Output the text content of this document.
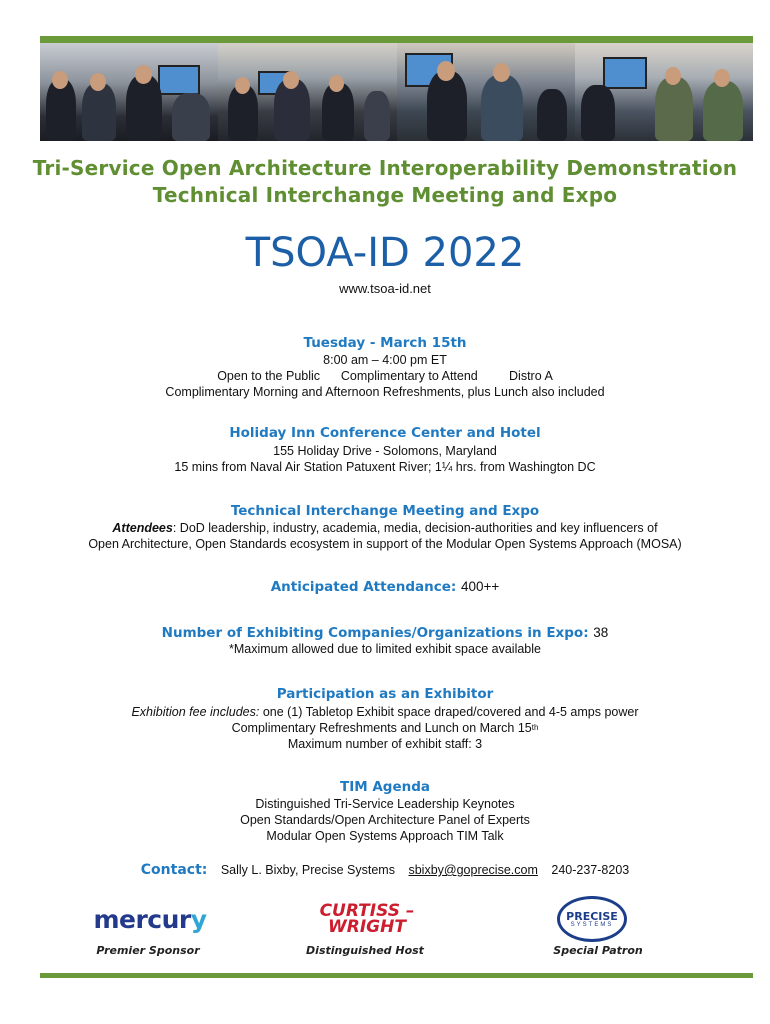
Tri-Service Open Architecture Interoperability Demonstration
Technical Interchange Meeting and Expo
TSOA-ID 2022
www.tsoa-id.net
Tuesday - March 15th
8:00 am – 4:00 pm ET
Open to the Public Complimentary to Attend	Distro A
Complimentary Morning and Afternoon Refreshments, plus Lunch also included
Holiday Inn Conference Center and Hotel
155 Holiday Drive - Solomons, Maryland
15 mins from Naval Air Station Patuxent River; 1¼ hrs. from Washington DC
Technical Interchange Meeting and Expo
Attendees: DoD leadership, industry, academia, media, decision-authorities and key influencers of
Open Architecture, Open Standards ecosystem in support of the Modular Open Systems Approach (MOSA)
Anticipated Attendance: 400++
Number of Exhibiting Companies/Organizations in Expo: 38
*Maximum allowed due to limited exhibit space available
Participation as an Exhibitor
Exhibition fee includes: one (1) Tabletop Exhibit space draped/covered and 4-5 amps power
Complimentary Refreshments and Lunch on March 15th
Maximum number of exhibit staff: 3
TIM Agenda
Distinguished Tri-Service Leadership Keynotes
Open Standards/Open Architecture Panel of Experts
Modular Open Systems Approach TIM Talk
Contact: Sally L. Bixby, Precise Systems sbixby@goprecise.com 240-237-8203
mercur y	CURTISS –
WRIGHT
PRECISE
SYSTEMS
Premier Sponsor	Distinguished Host	Special Patron
